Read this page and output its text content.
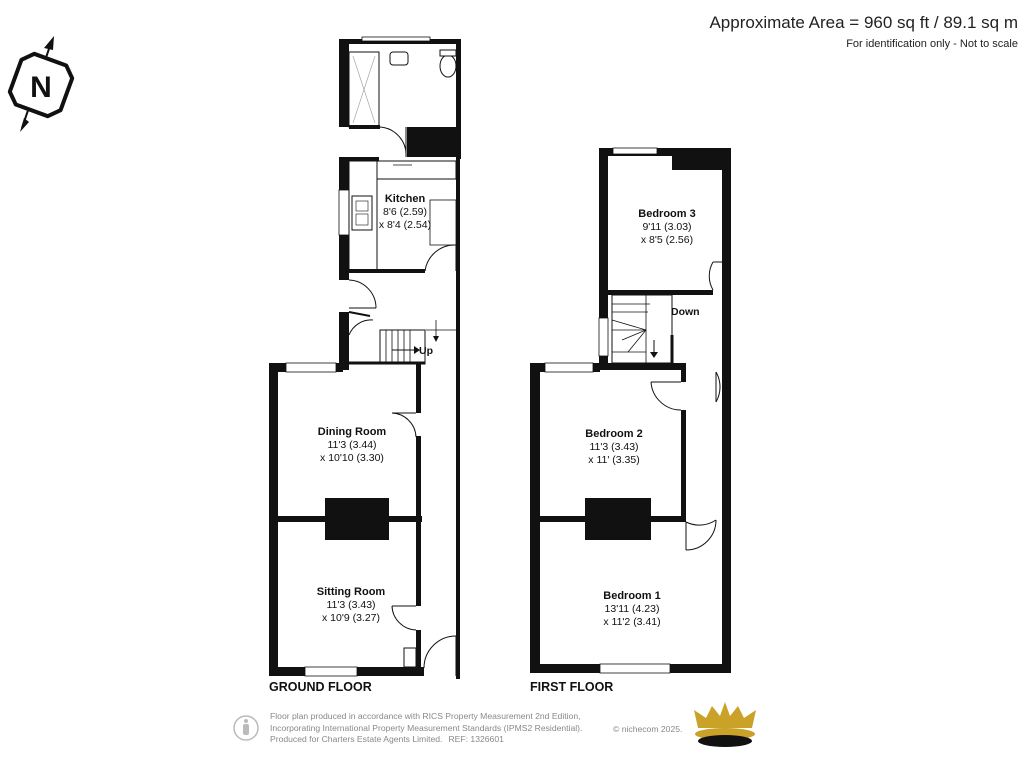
Approximate Area = 960 sq ft / 89.1 sq m
For identification only - Not to scale
N
Up
Kitchen
8'6 (2.59)
x 8'4 (2.54)
Dining Room
11'3 (3.44)
x 10'10 (3.30)
Sitting Room
11'3 (3.43)
x 10'9 (3.27)
GROUND FLOOR
Down
Bedroom 3
9'11 (3.03)
x 8'5 (2.56)
Bedroom 2
11'3 (3.43)
x 11' (3.35)
Bedroom 1
13'11 (4.23)
x 11'2 (3.41)
FIRST FLOOR
Floor plan produced in accordance with RICS Property Measurement 2nd Edition,
Incorporating International Property Measurement Standards (IPMS2 Residential).
Produced for Charters Estate Agents Limited. REF: 1326601
© nichecom 2025.
